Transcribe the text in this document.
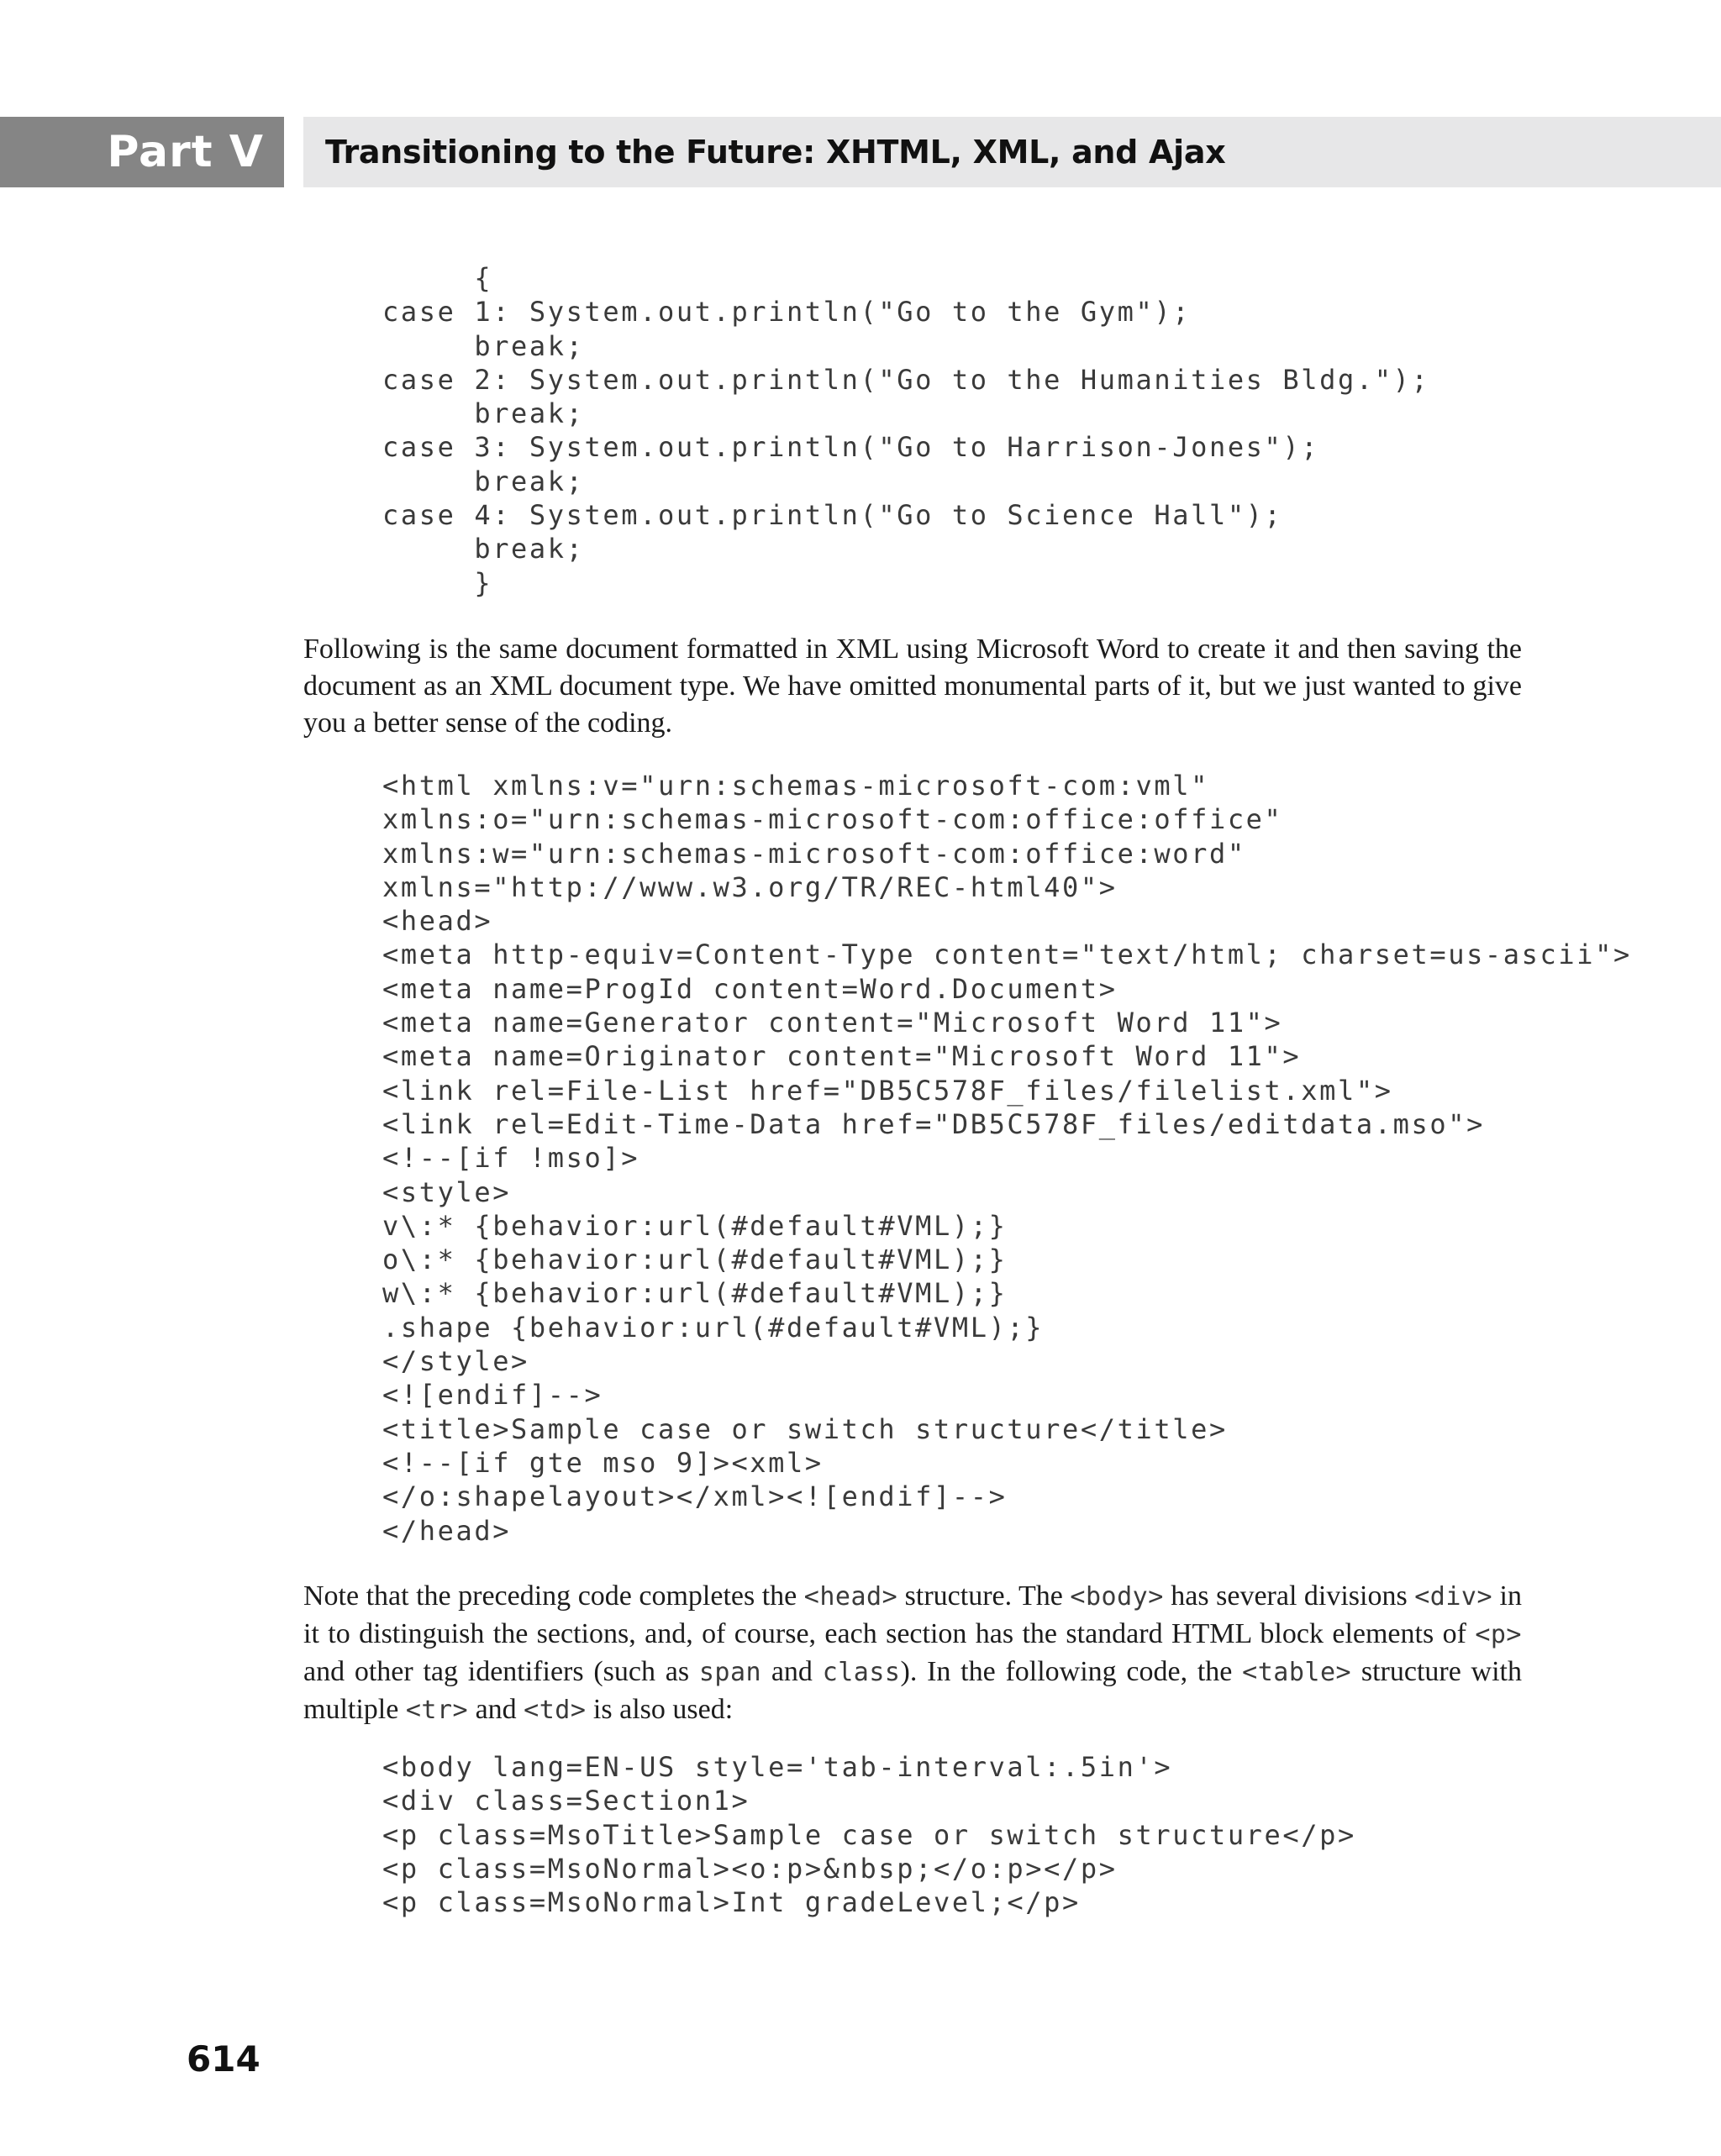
Part V Transitioning to the Future: XHTML, XML, and Ajax
{
case 1: System.out.println("Go to the Gym");
break;
case 2: System.out.println("Go to the Humanities Bldg.");
break;
case 3: System.out.println("Go to Harrison-Jones");
break;
case 4: System.out.println("Go to Science Hall");
break;
}

Following is the same document formatted in XML using Microsoft Word to create it and then saving the document as an XML document type. We have omitted monumental parts of it, but we just wanted to give you a better sense of the coding.

<html xmlns:v="urn:schemas-microsoft-com:vml"
xmlns:o="urn:schemas-microsoft-com:office:office"
xmlns:w="urn:schemas-microsoft-com:office:word"
xmlns="http://www.w3.org/TR/REC-html40">
<head>
<meta http-equiv=Content-Type content="text/html; charset=us-ascii">
<meta name=ProgId content=Word.Document>
<meta name=Generator content="Microsoft Word 11">
<meta name=Originator content="Microsoft Word 11">
<link rel=File-List href="DB5C578F_files/filelist.xml">
<link rel=Edit-Time-Data href="DB5C578F_files/editdata.mso">
<!--[if !mso]>
<style>
v\:* {behavior:url(#default#VML);}
o\:* {behavior:url(#default#VML);}
w\:* {behavior:url(#default#VML);}
.shape {behavior:url(#default#VML);}
</style>
<![endif]-->
<title>Sample case or switch structure</title>
<!--[if gte mso 9]><xml>
</o:shapelayout></xml><![endif]-->
</head>

Note that the preceding code completes the <head> structure. The <body> has several divisions <div> in it to distinguish the sections, and, of course, each section has the standard HTML block elements of <p> and other tag identifiers (such as span and class). In the following code, the <table> structure with multiple <tr> and <td> is also used:

<body lang=EN-US style='tab-interval:.5in'>
<div class=Section1>
<p class=MsoTitle>Sample case or switch structure</p>
<p class=MsoNormal><o:p>&nbsp;</o:p></p>
<p class=MsoNormal>Int gradeLevel;</p>
614
